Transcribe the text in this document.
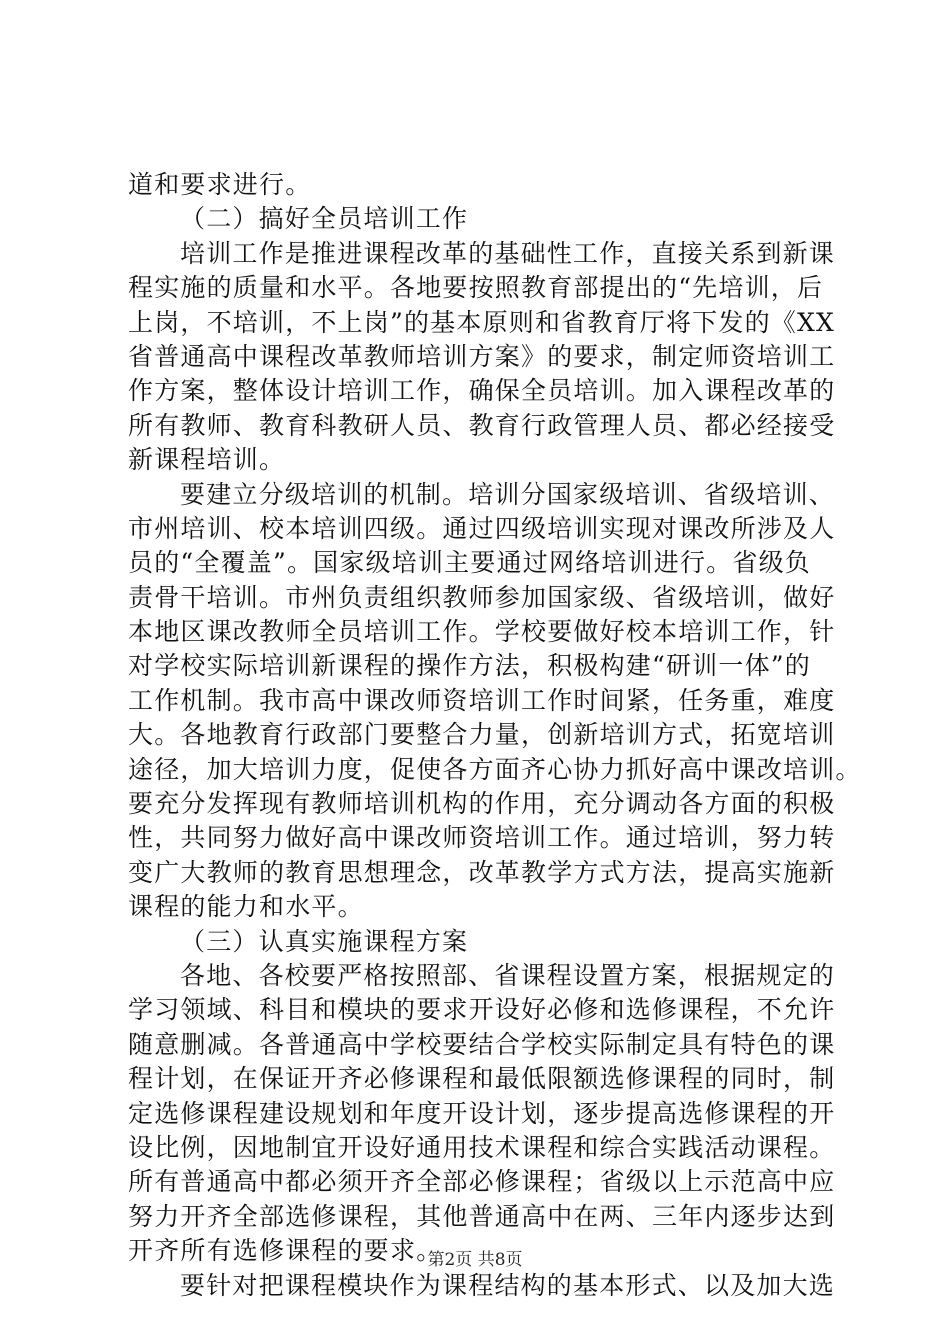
道和要求进行。
（二）搞好全员培训工作
培训工作是推进课程改革的基础性工作，直接关系到新课
程实施的质量和水平。各地要按照教育部提出的“先培训，后
上岗，不培训，不上岗”的基本原则和省教育厅将下发的《XX
省普通高中课程改革教师培训方案》的要求，制定师资培训工
作方案，整体设计培训工作，确保全员培训。加入课程改革的
所有教师、教育科教研人员、教育行政管理人员、都必经接受
新课程培训。
要建立分级培训的机制。培训分国家级培训、省级培训、
市州培训、校本培训四级。通过四级培训实现对课改所涉及人
员的“全覆盖”。国家级培训主要通过网络培训进行。省级负
责骨干培训。市州负责组织教师参加国家级、省级培训，做好
本地区课改教师全员培训工作。学校要做好校本培训工作，针
对学校实际培训新课程的操作方法，积极构建“研训一体”的
工作机制。我市高中课改师资培训工作时间紧，任务重，难度
大。各地教育行政部门要整合力量，创新培训方式，拓宽培训
途径，加大培训力度，促使各方面齐心协力抓好高中课改培训。
要充分发挥现有教师培训机构的作用，充分调动各方面的积极
性，共同努力做好高中课改师资培训工作。通过培训，努力转
变广大教师的教育思想理念，改革教学方式方法，提高实施新
课程的能力和水平。
（三）认真实施课程方案
各地、各校要严格按照部、省课程设置方案，根据规定的
学习领域、科目和模块的要求开设好必修和选修课程，不允许
随意删减。各普通高中学校要结合学校实际制定具有特色的课
程计划，在保证开齐必修课程和最低限额选修课程的同时，制
定选修课程建设规划和年度开设计划，逐步提高选修课程的开
设比例，因地制宜开设好通用技术课程和综合实践活动课程。
所有普通高中都必须开齐全部必修课程；省级以上示范高中应
努力开齐全部选修课程，其他普通高中在两、三年内逐步达到
开齐所有选修课程的要求。
要针对把课程模块作为课程结构的基本形式、以及加大选
第2页 共8页
